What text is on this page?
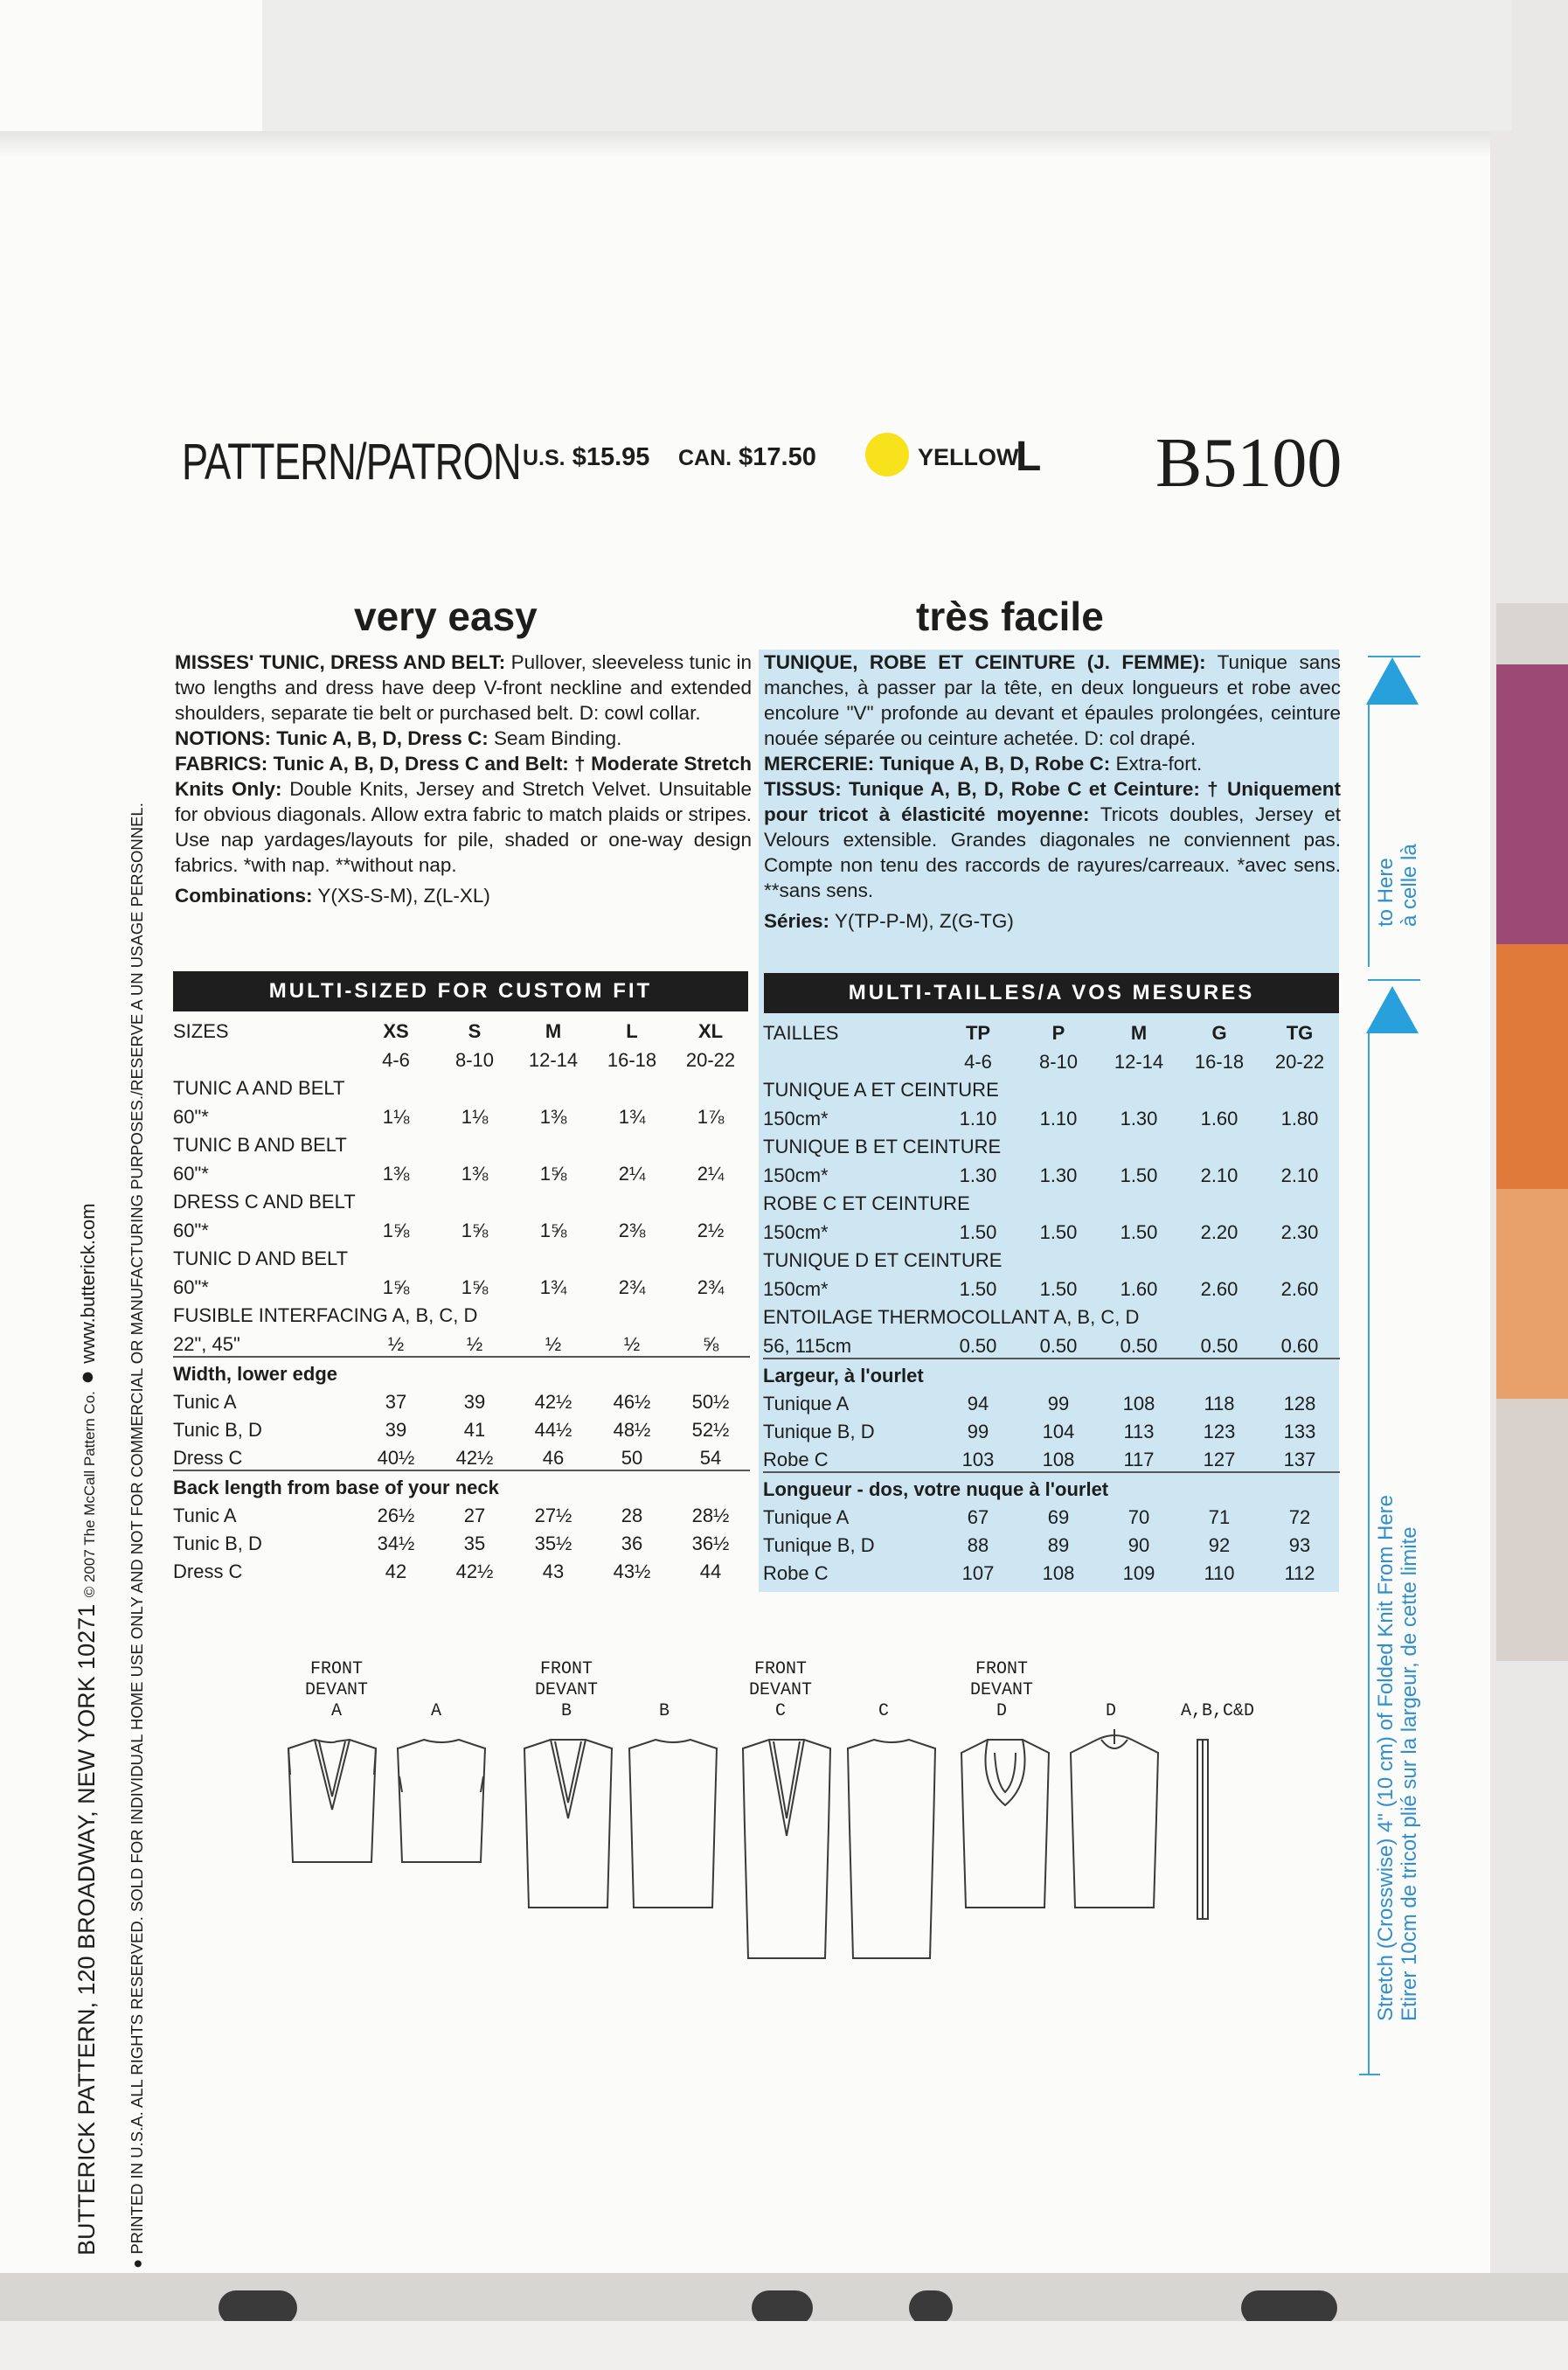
PATTERN/PATRON U.S. $15.95 CAN. $17.50	YELLOW
L B5100
very easy	très facile

MISSES' TUNIC, DRESS AND BELT: Pullover, sleeveless tunic in two lengths and dress have deep V-front neckline and extended shoulders, separate tie belt or purchased belt. D: cowl collar.

NOTIONS: Tunic A, B, D, Dress C: Seam Binding.

FABRICS: Tunic A, B, D, Dress C and Belt: † Moderate Stretch Knits Only: Double Knits, Jersey and Stretch Velvet. Unsuitable for obvious diagonals. Allow extra fabric to match plaids or stripes. Use nap yardages/layouts for pile, shaded or one-way design fabrics. *with nap. **without nap.

Combinations: Y(XS-S-M), Z(L-XL)

TUNIQUE, ROBE ET CEINTURE (J. FEMME): Tunique sans manches, à passer par la tête, en deux longueurs et robe avec encolure "V" profonde au devant et épaules prolongées, ceinture nouée séparée ou ceinture achetée. D: col drapé.

MERCERIE: Tunique A, B, D, Robe C: Extra-fort.

TISSUS: Tunique A, B, D, Robe C et Ceinture: † Uniquement pour tricot à élasticité moyenne: Tricots doubles, Jersey et Velours extensible. Grandes diagonales ne conviennent pas. Compte non tenu des raccords de rayures/carreaux. *avec sens. **sans sens.

Séries: Y(TP-P-M), Z(G-TG)

MULTI-SIZED FOR CUSTOM FIT	MULTI-TAILLES/A VOS MESURES
SIZES	XS	S	M	L	XL
	4-6	8-10	12-14	16-18	20-22
TUNIC A AND BELT					
60"*	1⅛	1⅛	1⅜	1¾	1⅞
TUNIC B AND BELT					
60"*	1⅜	1⅜	1⅝	2¼	2¼
DRESS C AND BELT					
60"*	1⅝	1⅝	1⅝	2⅜	2½
TUNIC D AND BELT					
60"*	1⅝	1⅝	1¾	2¾	2¾
FUSIBLE INTERFACING A, B, C, D					
22", 45"	½	½	½	½	⅝
Width, lower edge					
Tunic A	37	39	42½	46½	50½
Tunic B, D	39	41	44½	48½	52½
Dress C	40½	42½	46	50	54
Back length from base of your neck					
Tunic A	26½	27	27½	28	28½
Tunic B, D	34½	35	35½	36	36½
Dress C	42	42½	43	43½	44
TAILLES	TP	P	M	G	TG
	4-6	8-10	12-14	16-18	20-22
TUNIQUE A ET CEINTURE					
150cm*	1.10	1.10	1.30	1.60	1.80
TUNIQUE B ET CEINTURE					
150cm*	1.30	1.30	1.50	2.10	2.10
ROBE C ET CEINTURE					
150cm*	1.50	1.50	1.50	2.20	2.30
TUNIQUE D ET CEINTURE					
150cm*	1.50	1.50	1.60	2.60	2.60
ENTOILAGE THERMOCOLLANT A, B, C, D					
56, 115cm	0.50	0.50	0.50	0.50	0.60
Largeur, à l'ourlet					
Tunique A	94	99	108	118	128
Tunique B, D	99	104	113	123	133
Robe C	103	108	117	127	137
Longueur - dos, votre nuque à l'ourlet					
Tunique A	67	69	70	71	72
Tunique B, D	88	89	90	92	93
Robe C	107	108	109	110	112
BUTTERICK PATTERN, 120 BROADWAY, NEW YORK 10271 © 2007 The McCall Pattern Co. ● www.butterick.com
● PRINTED IN U.S.A. ALL RIGHTS RESERVED. SOLD FOR INDIVIDUAL HOME USE ONLY AND NOT FOR COMMERCIAL OR MANUFACTURING PURPOSES./RESERVE A UN USAGE PERSONNEL.	to Here à celle là
Stretch (Crosswise) 4" (10 cm) of Folded Knit From Here Etirer 10cm de tricot plié sur la largeur, de cette limite
FRONT
DEVANT
A	A
FRONT
DEVANT
B	B
FRONT
DEVANT
C	C
FRONT
DEVANT
D	D	A,B,C&D
